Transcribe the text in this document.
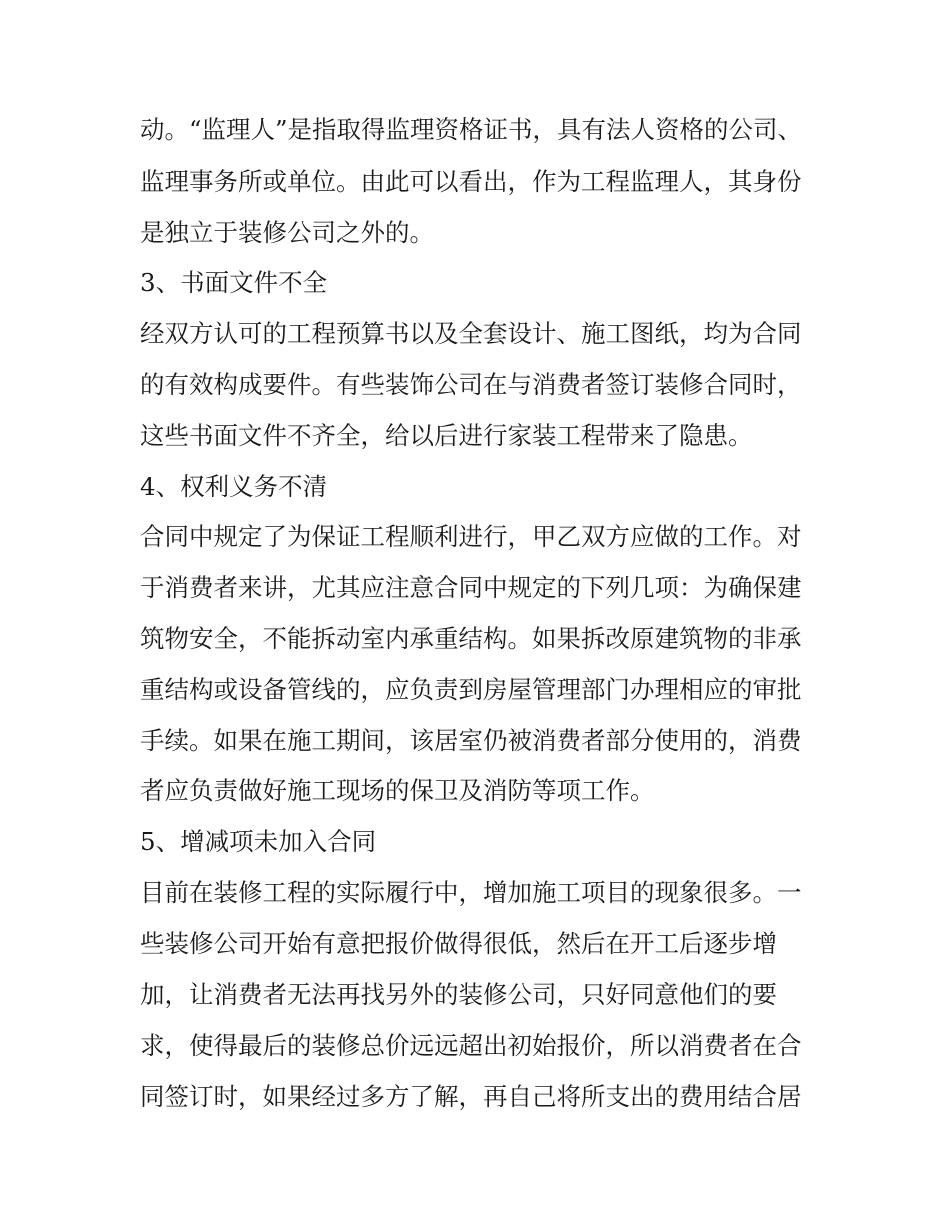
动。“监理人”是指取得监理资格证书，具有法人资格的公司、
监理事务所或单位。由此可以看出，作为工程监理人，其身份
是独立于装修公司之外的。
3、书面文件不全
经双方认可的工程预算书以及全套设计、施工图纸，均为合同
的有效构成要件。有些装饰公司在与消费者签订装修合同时，
这些书面文件不齐全，给以后进行家装工程带来了隐患。
4、权利义务不清
合同中规定了为保证工程顺利进行，甲乙双方应做的工作。对
于消费者来讲，尤其应注意合同中规定的下列几项：为确保建
筑物安全，不能拆动室内承重结构。如果拆改原建筑物的非承
重结构或设备管线的，应负责到房屋管理部门办理相应的审批
手续。如果在施工期间，该居室仍被消费者部分使用的，消费
者应负责做好施工现场的保卫及消防等项工作。
5、增减项未加入合同
目前在装修工程的实际履行中，增加施工项目的现象很多。一
些装修公司开始有意把报价做得很低，然后在开工后逐步增
加，让消费者无法再找另外的装修公司，只好同意他们的要
求，使得最后的装修总价远远超出初始报价，所以消费者在合
同签订时，如果经过多方了解，再自己将所支出的费用结合居
